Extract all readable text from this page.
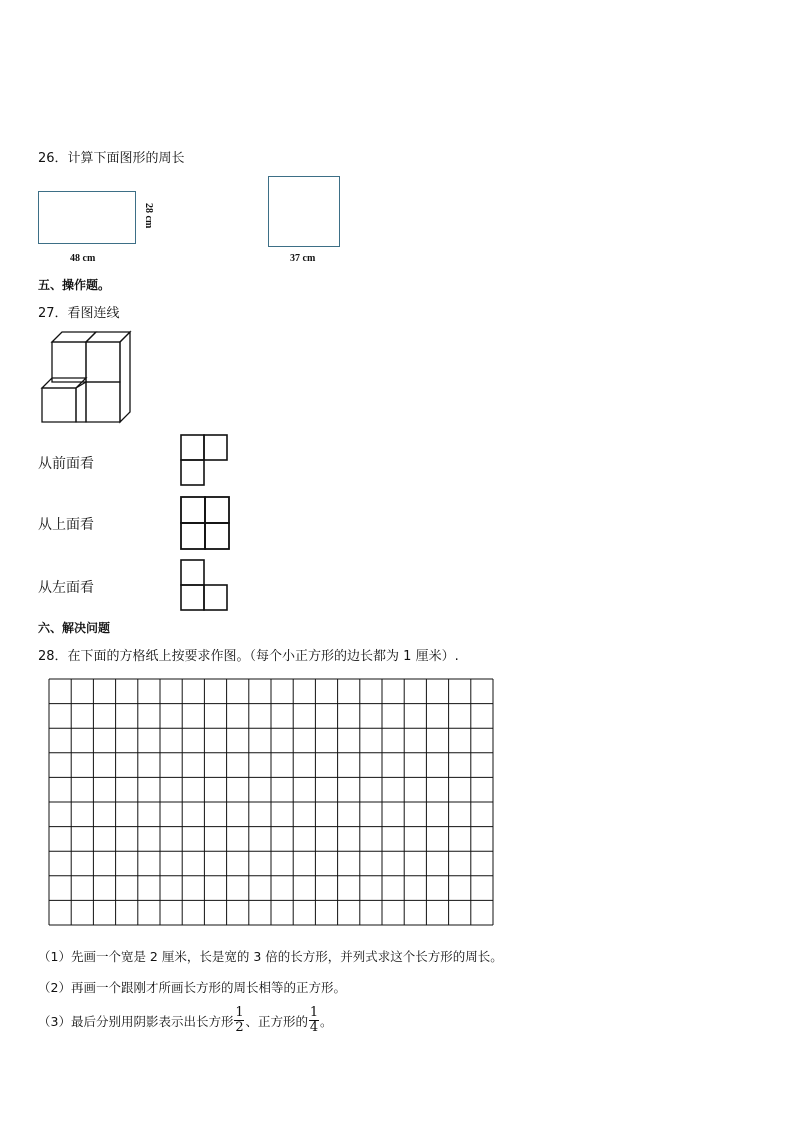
26．计算下面图形的周长
28 cm
48 cm	37 cm
五、操作题。
27．看图连线
从前面看
从上面看
从左面看
六、解决问题
28．在下面的方格纸上按要求作图。（每个小正方形的边长都为 1 厘米）.
（1）先画一个宽是 2 厘米，长是宽的 3 倍的长方形，并列式求这个长方形的周长。
（2）再画一个跟刚才所画长方形的周长相等的正方形。
（3）最后分别用阴影表示出长方形 $\frac{1}{2}$ 、正方形的 $\frac{1}{4}$ 。
